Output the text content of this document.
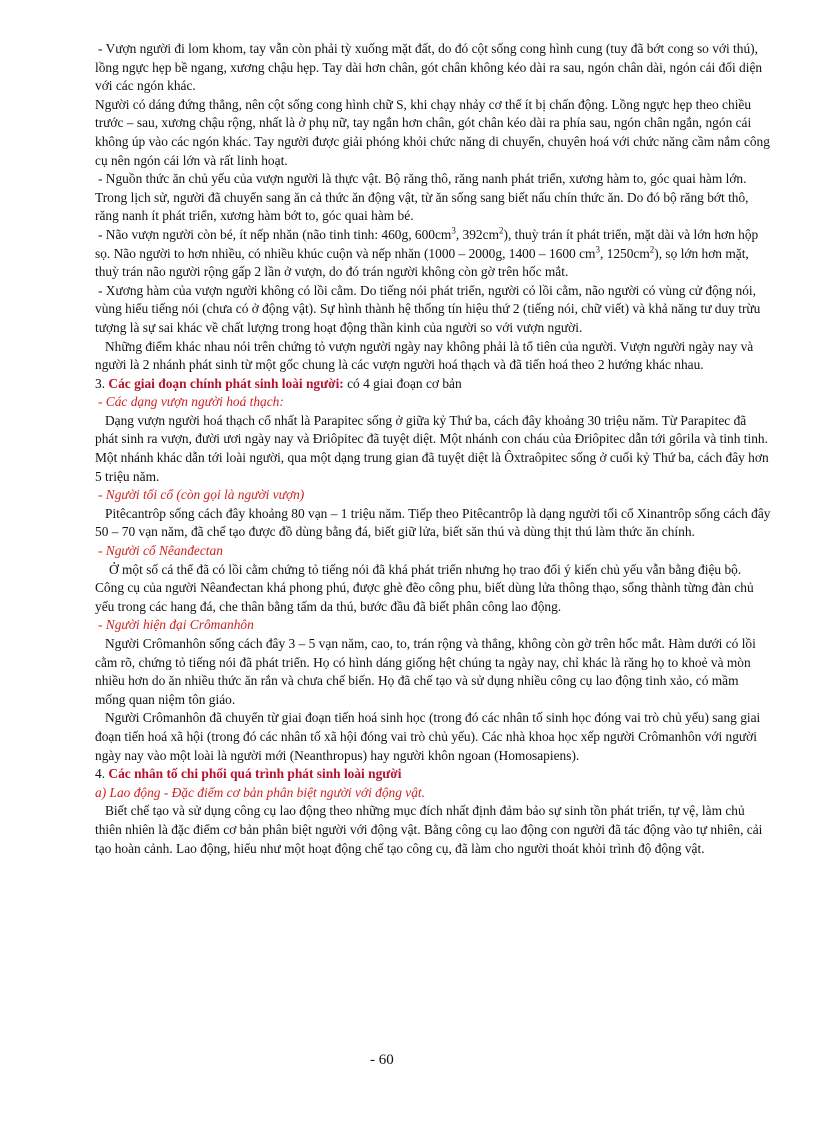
- Vượn người đi lom khom, tay vẫn còn phải tỳ xuống mặt đất, do đó cột sống cong hình cung (tuy đã bớt cong so với thú), lồng ngực hẹp bề ngang, xương chậu hẹp. Tay dài hơn chân, gót chân không kéo dài ra sau, ngón chân dài, ngón cái đối diện với các ngón khác.

Người có dáng đứng thẳng, nên cột sống cong hình chữ S, khi chạy nhảy cơ thể ít bị chấn động. Lồng ngực hẹp theo chiều trước – sau, xương chậu rộng, nhất là ở phụ nữ, tay ngắn hơn chân, gót chân kéo dài ra phía sau, ngón chân ngắn, ngón cái không úp vào các ngón khác. Tay người được giải phóng khỏi chức năng di chuyển, chuyên hoá với chức năng cầm nắm công cụ nên ngón cái lớn và rất linh hoạt.

- Nguồn thức ăn chủ yếu của vượn người là thực vật. Bộ răng thô, răng nanh phát triển, xương hàm to, góc quai hàm lớn. Trong lịch sử, người đã chuyển sang ăn cả thức ăn động vật, từ ăn sống sang biết nấu chín thức ăn. Do đó bộ răng bớt thô, răng nanh ít phát triển, xương hàm bớt to, góc quai hàm bé.

- Não vượn người còn bé, ít nếp nhăn (não tinh tinh: 460g, $600cm^3$, $392cm^2$), thuỳ trán ít phát triển, mặt dài và lớn hơn hộp sọ. Não người to hơn nhiều, có nhiều khúc cuộn và nếp nhăn (1000 – 2000g, 1400 – 1600 $cm^3$, $1250cm^2$), sọ lớn hơn mặt, thuỳ trán não người rộng gấp 2 lần ở vượn, do đó trán người không còn gờ trên hốc mắt.

- Xương hàm của vượn người không có lồi cằm. Do tiếng nói phát triển, người có lồi cằm, não người có vùng cử động nói, vùng hiểu tiếng nói (chưa có ở động vật). Sự hình thành hệ thống tín hiệu thứ 2 (tiếng nói, chữ viết) và khả năng tư duy trừu tượng là sự sai khác về chất lượng trong hoạt động thần kinh của người so với vượn người.

Những điểm khác nhau nói trên chứng tỏ vượn người ngày nay không phải là tổ tiên của người. Vượn người ngày nay và người là 2 nhánh phát sinh từ một gốc chung là các vượn người hoá thạch và đã tiến hoá theo 2 hướng khác nhau.

3. Các giai đoạn chính phát sinh loài người: có 4 giai đoạn cơ bản

- Các dạng vượn người hoá thạch:

Dạng vượn người hoá thạch cổ nhất là Parapitec sống ở giữa kỷ Thứ ba, cách đây khoảng 30 triệu năm. Từ Parapitec đã phát sinh ra vượn, đười ươi ngày nay và Đriôpitec đã tuyệt diệt. Một nhánh con cháu của Đriôpitec dẫn tới gôrila và tinh tinh. Một nhánh khác dẫn tới loài người, qua một dạng trung gian đã tuyệt diệt là Ôxtraôpitec sống ở cuối kỷ Thứ ba, cách đây hơn 5 triệu năm.

- Người tối cổ (còn gọi là người vượn)

Pitêcantrôp sống cách đây khoảng 80 vạn – 1 triệu năm. Tiếp theo Pitêcantrôp là dạng người tối cổ Xinantrôp sống cách đây 50 – 70 vạn năm, đã chế tạo được đồ dùng bằng đá, biết giữ lửa, biết săn thú và dùng thịt thú làm thức ăn chính.

- Người cổ Nêanđectan

Ở một số cá thể đã có lồi cằm chứng tỏ tiếng nói đã khá phát triển nhưng họ trao đổi ý kiến chủ yếu vẫn bằng điệu bộ. Công cụ của người Nêanđectan khá phong phú, được ghè đẽo công phu, biết dùng lửa thông thạo, sống thành từng đàn chủ yếu trong các hang đá, che thân bằng tấm da thú, bước đầu đã biết phân công lao động.

- Người hiện đại Crômanhôn

Người Crômanhôn sống cách đây 3 – 5 vạn năm, cao, to, trán rộng và thẳng, không còn gờ trên hốc mắt. Hàm dưới có lồi cằm rõ, chứng tỏ tiếng nói đã phát triển. Họ có hình dáng giống hệt chúng ta ngày nay, chỉ khác là răng họ to khoẻ và mòn nhiều hơn do ăn nhiều thức ăn rắn và chưa chế biến. Họ đã chế tạo và sử dụng nhiều công cụ lao động tinh xảo, có mầm mống quan niệm tôn giáo.

Người Crômanhôn đã chuyển từ giai đoạn tiến hoá sinh học (trong đó các nhân tố sinh học đóng vai trò chủ yếu) sang giai đoạn tiến hoá xã hội (trong đó các nhân tố xã hội đóng vai trò chủ yếu). Các nhà khoa học xếp người Crômanhôn với người ngày nay vào một loài là người mới (Neanthropus) hay người khôn ngoan (Homosapiens).

4. Các nhân tố chi phối quá trình phát sinh loài người

a) Lao động - Đặc điểm cơ bản phân biệt người với động vật.

Biết chế tạo và sử dụng công cụ lao động theo những mục đích nhất định đảm bảo sự sinh tồn phát triển, tự vệ, làm chủ thiên nhiên là đặc điểm cơ bản phân biệt người với động vật. Bằng công cụ lao động con người đã tác động vào tự nhiên, cải tạo hoàn cảnh. Lao động, hiểu như một hoạt động chế tạo công cụ, đã làm cho người thoát khỏi trình độ động vật.

- 60
